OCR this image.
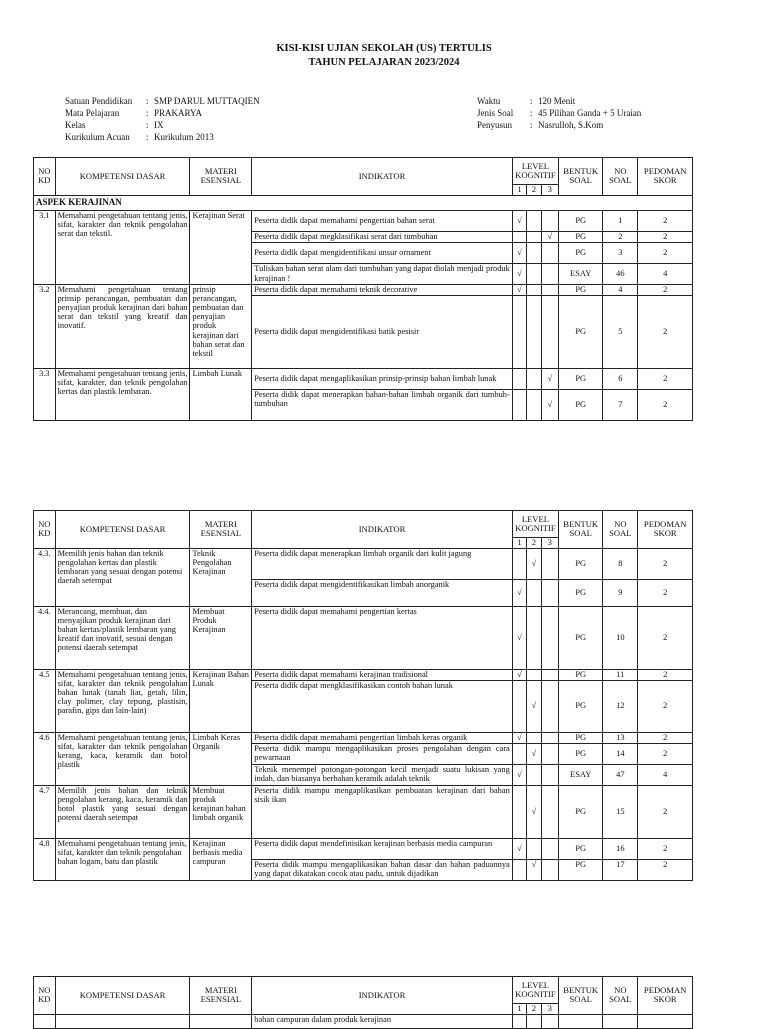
KISI-KISI UJIAN SEKOLAH (US) TERTULIS
TAHUN PELAJARAN 2023/2024
Satuan Pendidikan	: SMP DARUL MUTTAQIEN
Mata Pelajaran	: PRAKARYA
Kelas	: IX
Kurikulum Acuan	: Kurikulum 2013
Waktu	: 120 Menit
Jenis Soal	: 45 Pilihan Ganda + 5 Uraian
Penyusun	: Nasrulloh, S.Kom
NO KD	KOMPETENSI DASAR	MATERI ESENSIAL	INDIKATOR	LEVEL KOGNITIF			BENTUK SOAL	NO SOAL	PEDOMAN SKOR
				1	2	3			
ASPEK KERAJINAN									
3.1	Memahami pengetahuan tentang jenis, sifat, karakter dan teknik pengolahan serat dan tekstil.	Kerajinan Serat	Peserta didik dapat memahami pengertian bahan serat	√			PG	1	2
			Peserta didik dapat megklasifikasi serat dari tumbuhan			√	PG	2	2
			Peserta didik dapat mengidentifikasi unsur ornament	√			PG	3	2
			Tuliskan bahan serat alam dari tumbuhan yang dapat diolah menjadi produk kerajinan !	√			ESAY	46	4
3.2	Memahami pengetahuan tentang prinsip perancangan, pembuatan dan penyajian produk kerajinan dari bahan serat dan tekstil yang kreatif dan inovatif.	prinsip perancangan, pembuatan dan penyajian produk kerajinan dari bahan serat dan tekstil	Peserta didik dapat memahami teknik decorative	√			PG	4	2
			Peserta didik dapat mengidentifikasi batik pesisir				PG	5	2
3.3	Memahami pengetahuan tentang jenis, sifat, karakter, dan teknik pengolahan kertas dan plastik lembaran.	Limbah Lunak	Peserta didik dapat mengaplikasikan prinsip-prinsip bahan limbah lunak			√	PG	6	2
			Peserta didik dapat menerapkan bahan-bahan limbah organik dari tumbuh-tumbuhan			√	PG	7	2
NO KD	KOMPETENSI DASAR	MATERI ESENSIAL	INDIKATOR	LEVEL KOGNITIF			BENTUK SOAL	NO SOAL	PEDOMAN SKOR
				1	2	3			
4.3.	Memilih jenis bahan dan teknik pengolahan kertas dan plastik lembaran yang sesuai dengan potensi daerah setempat	Teknik Pengolahan Kerajinan	Peserta didik dapat menerapkan limbah organik dari kulit jagung		√		PG	8	2
			Peserta didik dapat mengidentifikasikan limbah anorganik	√			PG	9	2
4.4.	Merancang, membuat, dan menyajikan produk kerajinan dari bahan kertas/plastik lembaran yang kreatif dan inovatif, sesuai dengan potensi daerah setempat	Membuat Produk Kerajinan	Peserta didik dapat memahami pengertian kertas	√			PG	10	2
4.5	Memahami pengetahuan tentang jenis, sifat, karakter dan teknik pengolahan bahan lunak (tanah liat, getah, lilin, clay polimer, clay tepung, plastisin, parafin, gips dan lain-lain)	Kerajinan Bahan Lunak	Peserta didik dapat memahami kerajinan tradisional	√			PG	11	2
			Peserta didik dapat mengklasifikasikan contoh bahan lunak		√		PG	12	2
4.6	Memahami pengetahuan tentang jenis, sifat, karakter dan teknik pengolahan kerang, kaca, keramik dan botol plastik	Limbah Keras Organik	Peserta didik dapat memahami pengertian limbah keras organik	√			PG	13	2
			Peserta didik mampu mengaplikasikan proses pengolahan dengan cara pewarnaan		√		PG	14	2
			Teknik menempel potongan-potongan kecil menjadi suatu lukisan yang indah, dan biasanya berbahan keramik adalah teknik	√			ESAY	47	4
4.7	Memilih jenis bahan dan teknik pengolahan kerang, kaca, keramik dan botol plastik yang sesuai dengan potensi daerah setempat	Membuat produk kerajinan bahan limbah organik	Peserta didik mampu mengaplikasikan pembuatan kerajinan dari bahan sisik ikan		√		PG	15	2
4.8	Memahami pengetahuan tentang jenis, sifat, karakter dan teknik pengolahan bahan logam, batu dan plastik	Kerajinan berbasis media campuran	Peserta didik dapat mendefinisikan kerajinan berbasis media campuran	√			PG	16	2
			Peserta didik mampu mengaplikasikan bahan dasar dan bahan paduannya yang dapat dikatakan cocok atau padu, untuk dijadikan		√		PG	17	2
NO KD	KOMPETENSI DASAR	MATERI ESENSIAL	INDIKATOR	LEVEL KOGNITIF			BENTUK SOAL	NO SOAL	PEDOMAN SKOR
				1	2	3			
			bahan campuran dalam produk kerajinan						
